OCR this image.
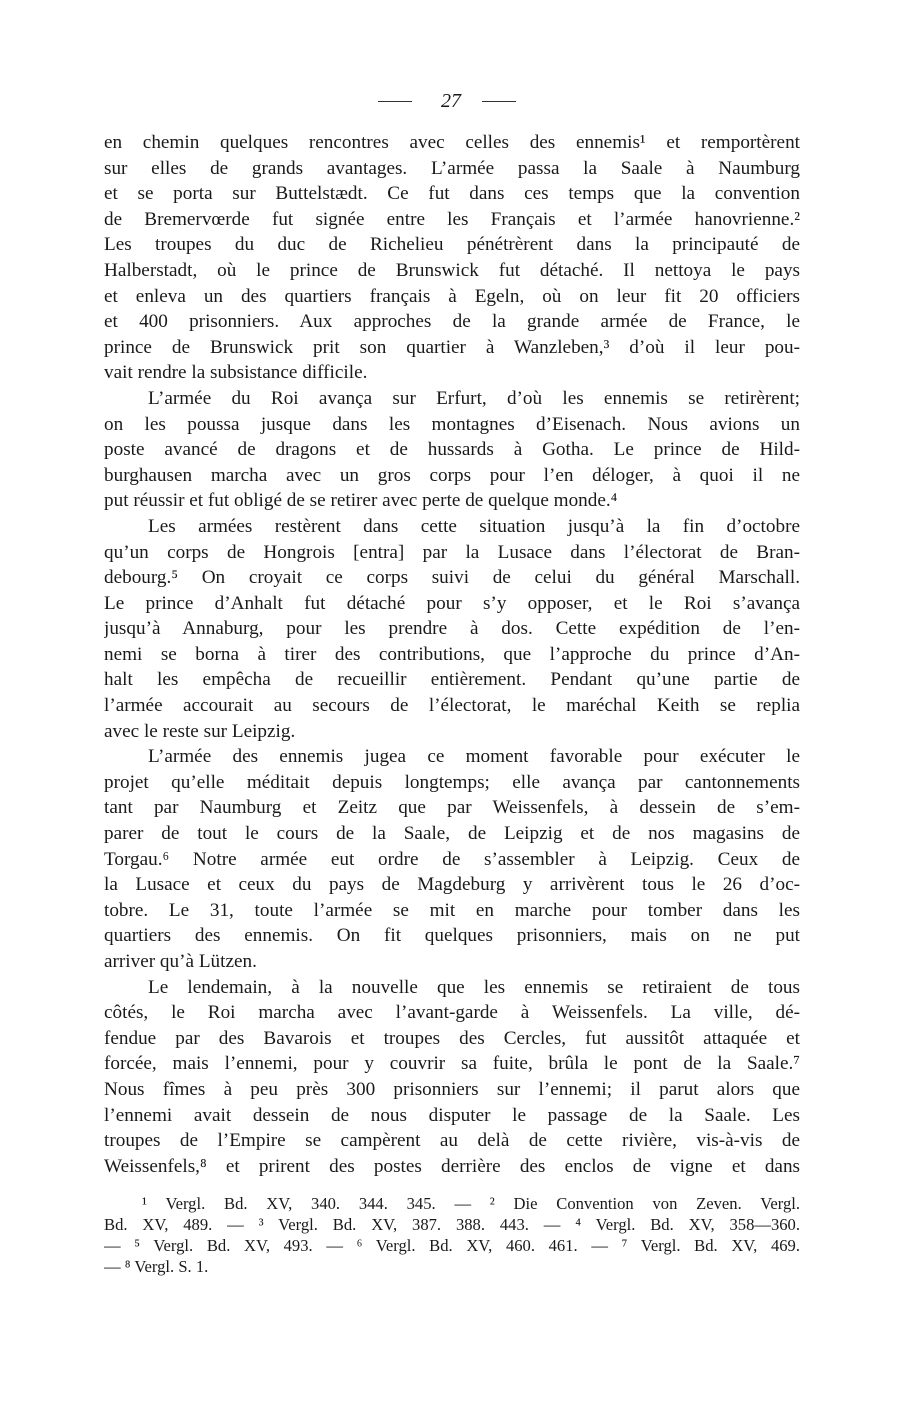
27
en chemin quelques rencontres avec celles des ennemis¹ et remportèrent
sur elles de grands avantages. L’armée passa la Saale à Naumburg
et se porta sur Buttelstædt. Ce fut dans ces temps que la convention
de Bremervœrde fut signée entre les Français et l’armée hanovrienne.²
Les troupes du duc de Richelieu pénétrèrent dans la principauté de
Halberstadt, où le prince de Brunswick fut détaché. Il nettoya le pays
et enleva un des quartiers français à Egeln, où on leur fit 20 officiers
et 400 prisonniers. Aux approches de la grande armée de France, le
prince de Brunswick prit son quartier à Wanzleben,³ d’où il leur pou-
vait rendre la subsistance difficile.
L’armée du Roi avança sur Erfurt, d’où les ennemis se retirèrent;
on les poussa jusque dans les montagnes d’Eisenach. Nous avions un
poste avancé de dragons et de hussards à Gotha. Le prince de Hild-
burghausen marcha avec un gros corps pour l’en déloger, à quoi il ne
put réussir et fut obligé de se retirer avec perte de quelque monde.⁴
Les armées restèrent dans cette situation jusqu’à la fin d’octobre
qu’un corps de Hongrois [entra] par la Lusace dans l’électorat de Bran-
debourg.⁵ On croyait ce corps suivi de celui du général Marschall.
Le prince d’Anhalt fut détaché pour s’y opposer, et le Roi s’avança
jusqu’à Annaburg, pour les prendre à dos. Cette expédition de l’en-
nemi se borna à tirer des contributions, que l’approche du prince d’An-
halt les empêcha de recueillir entièrement. Pendant qu’une partie de
l’armée accourait au secours de l’électorat, le maréchal Keith se replia
avec le reste sur Leipzig.
L’armée des ennemis jugea ce moment favorable pour exécuter le
projet qu’elle méditait depuis longtemps; elle avança par cantonnements
tant par Naumburg et Zeitz que par Weissenfels, à dessein de s’em-
parer de tout le cours de la Saale, de Leipzig et de nos magasins de
Torgau.⁶ Notre armée eut ordre de s’assembler à Leipzig. Ceux de
la Lusace et ceux du pays de Magdeburg y arrivèrent tous le 26 d’oc-
tobre. Le 31, toute l’armée se mit en marche pour tomber dans les
quartiers des ennemis. On fit quelques prisonniers, mais on ne put
arriver qu’à Lützen.
Le lendemain, à la nouvelle que les ennemis se retiraient de tous
côtés, le Roi marcha avec l’avant-garde à Weissenfels. La ville, dé-
fendue par des Bavarois et troupes des Cercles, fut aussitôt attaquée et
forcée, mais l’ennemi, pour y couvrir sa fuite, brûla le pont de la Saale.⁷
Nous fîmes à peu près 300 prisonniers sur l’ennemi; il parut alors que
l’ennemi avait dessein de nous disputer le passage de la Saale. Les
troupes de l’Empire se campèrent au delà de cette rivière, vis-à-vis de
Weissenfels,⁸ et prirent des postes derrière des enclos de vigne et dans
¹ Vergl. Bd. XV, 340. 344. 345. — ² Die Convention von Zeven. Vergl.
Bd. XV, 489. — ³ Vergl. Bd. XV, 387. 388. 443. — ⁴ Vergl. Bd. XV, 358—360.
— ⁵ Vergl. Bd. XV, 493. — ⁶ Vergl. Bd. XV, 460. 461. — ⁷ Vergl. Bd. XV, 469.
— ⁸ Vergl. S. 1.
